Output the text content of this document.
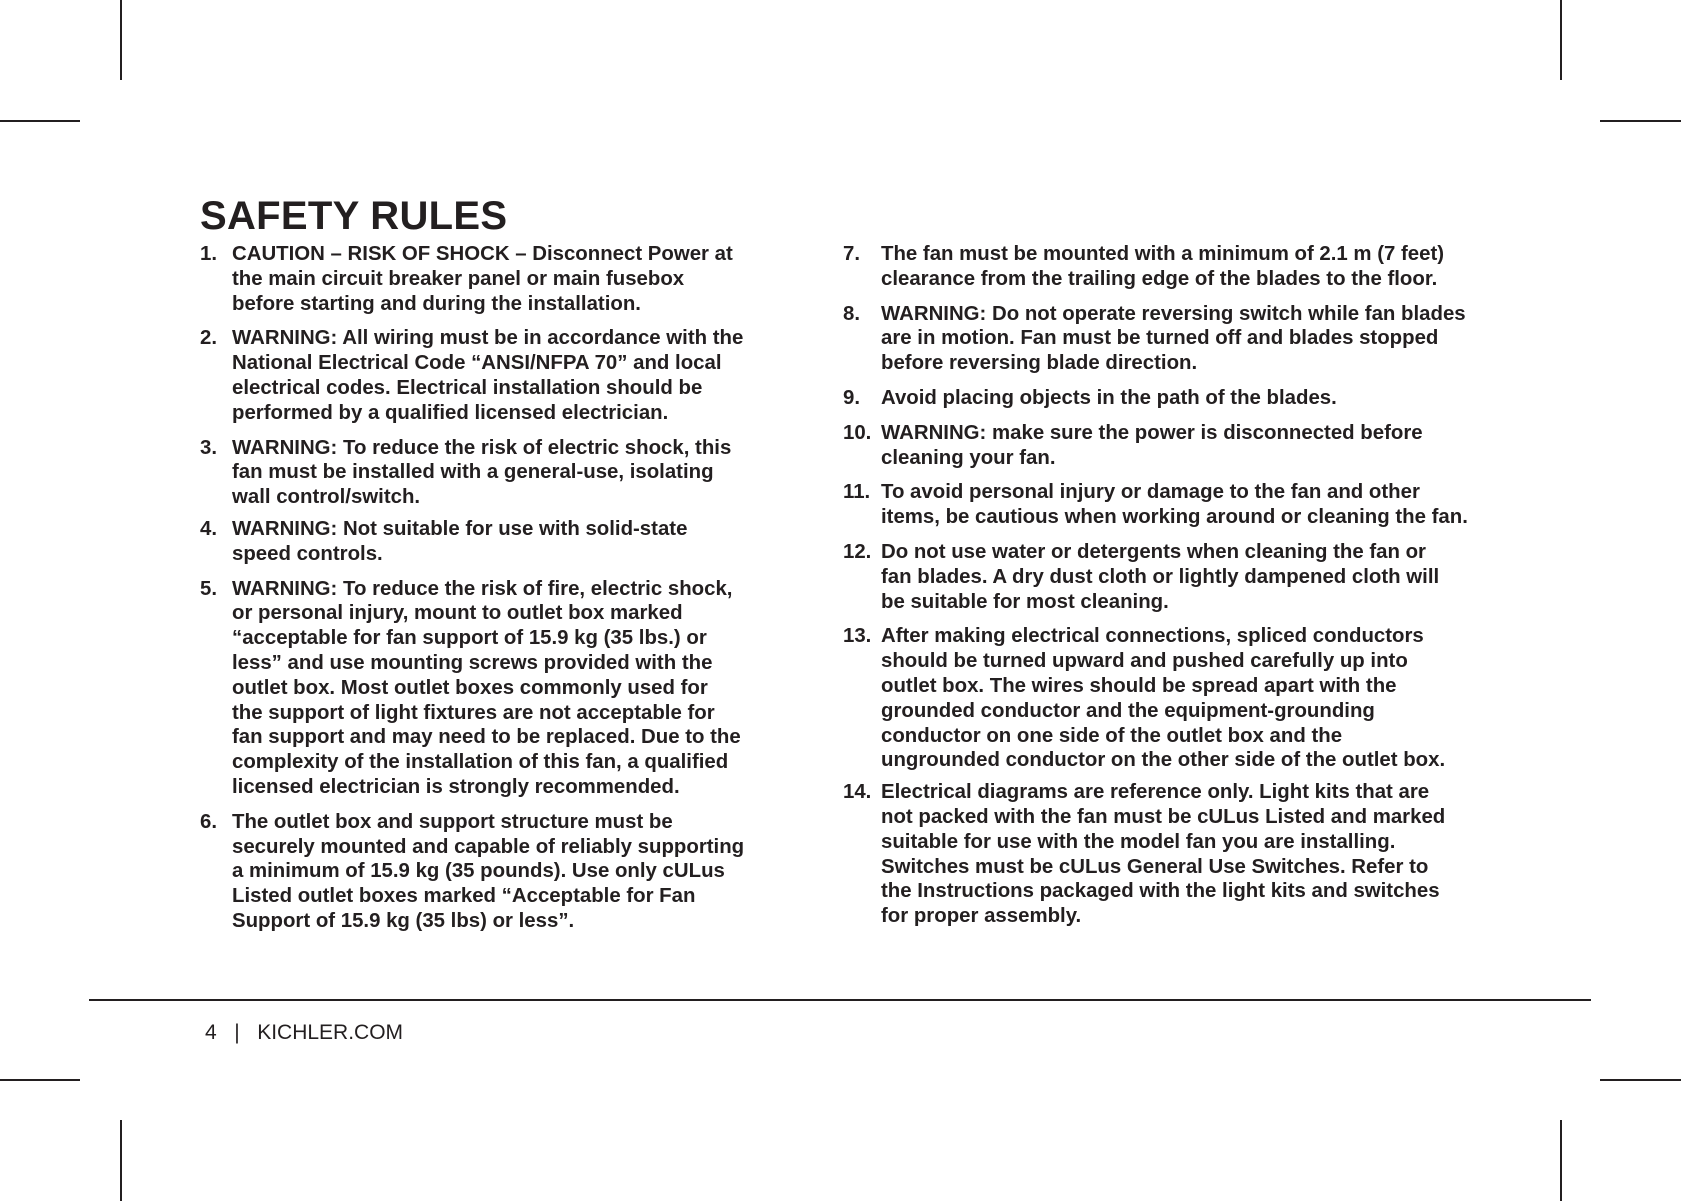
SAFETY RULES
1. CAUTION – RISK OF SHOCK – Disconnect Power at
the main circuit breaker panel or main fusebox
before starting and during the installation.
2. WARNING: All wiring must be in accordance with the
National Electrical Code “ANSI/NFPA 70” and local
electrical codes. Electrical installation should be
performed by a qualified licensed electrician.
3. WARNING: To reduce the risk of electric shock, this
fan must be installed with a general-use, isolating
wall control/switch.
4. WARNING: Not suitable for use with solid-state
speed controls.
5. WARNING: To reduce the risk of fire, electric shock,
or personal injury, mount to outlet box marked
“acceptable for fan support of 15.9 kg (35 lbs.) or
less” and use mounting screws provided with the
outlet box. Most outlet boxes commonly used for
the support of light fixtures are not acceptable for
fan support and may need to be replaced. Due to the
complexity of the installation of this fan, a qualified
licensed electrician is strongly recommended.
6. The outlet box and support structure must be
securely mounted and capable of reliably supporting
a minimum of 15.9 kg (35 pounds). Use only cULus
Listed outlet boxes marked “Acceptable for Fan
Support of 15.9 kg (35 lbs) or less”.
7.	The fan must be mounted with a minimum of 2.1 m (7 feet)
clearance from the trailing edge of the blades to the floor.
8.	WARNING: Do not operate reversing switch while fan blades
are in motion. Fan must be turned off and blades stopped
before reversing blade direction.
9.	Avoid placing objects in the path of the blades.
10. WARNING: make sure the power is disconnected before
cleaning your fan.
11. To avoid personal injury or damage to the fan and other
items, be cautious when working around or cleaning the fan.
12. Do not use water or detergents when cleaning the fan or
fan blades. A dry dust cloth or lightly dampened cloth will
be suitable for most cleaning.
13. After making electrical connections, spliced conductors
should be turned upward and pushed carefully up into
outlet box. The wires should be spread apart with the
grounded conductor and the equipment-grounding
conductor on one side of the outlet box and the
ungrounded conductor on the other side of the outlet box.
14. Electrical diagrams are reference only. Light kits that are
not packed with the fan must be cULus Listed and marked
suitable for use with the model fan you are installing.
Switches must be cULus General Use Switches. Refer to
the Instructions packaged with the light kits and switches
for proper assembly.
4 | KICHLER.COM
